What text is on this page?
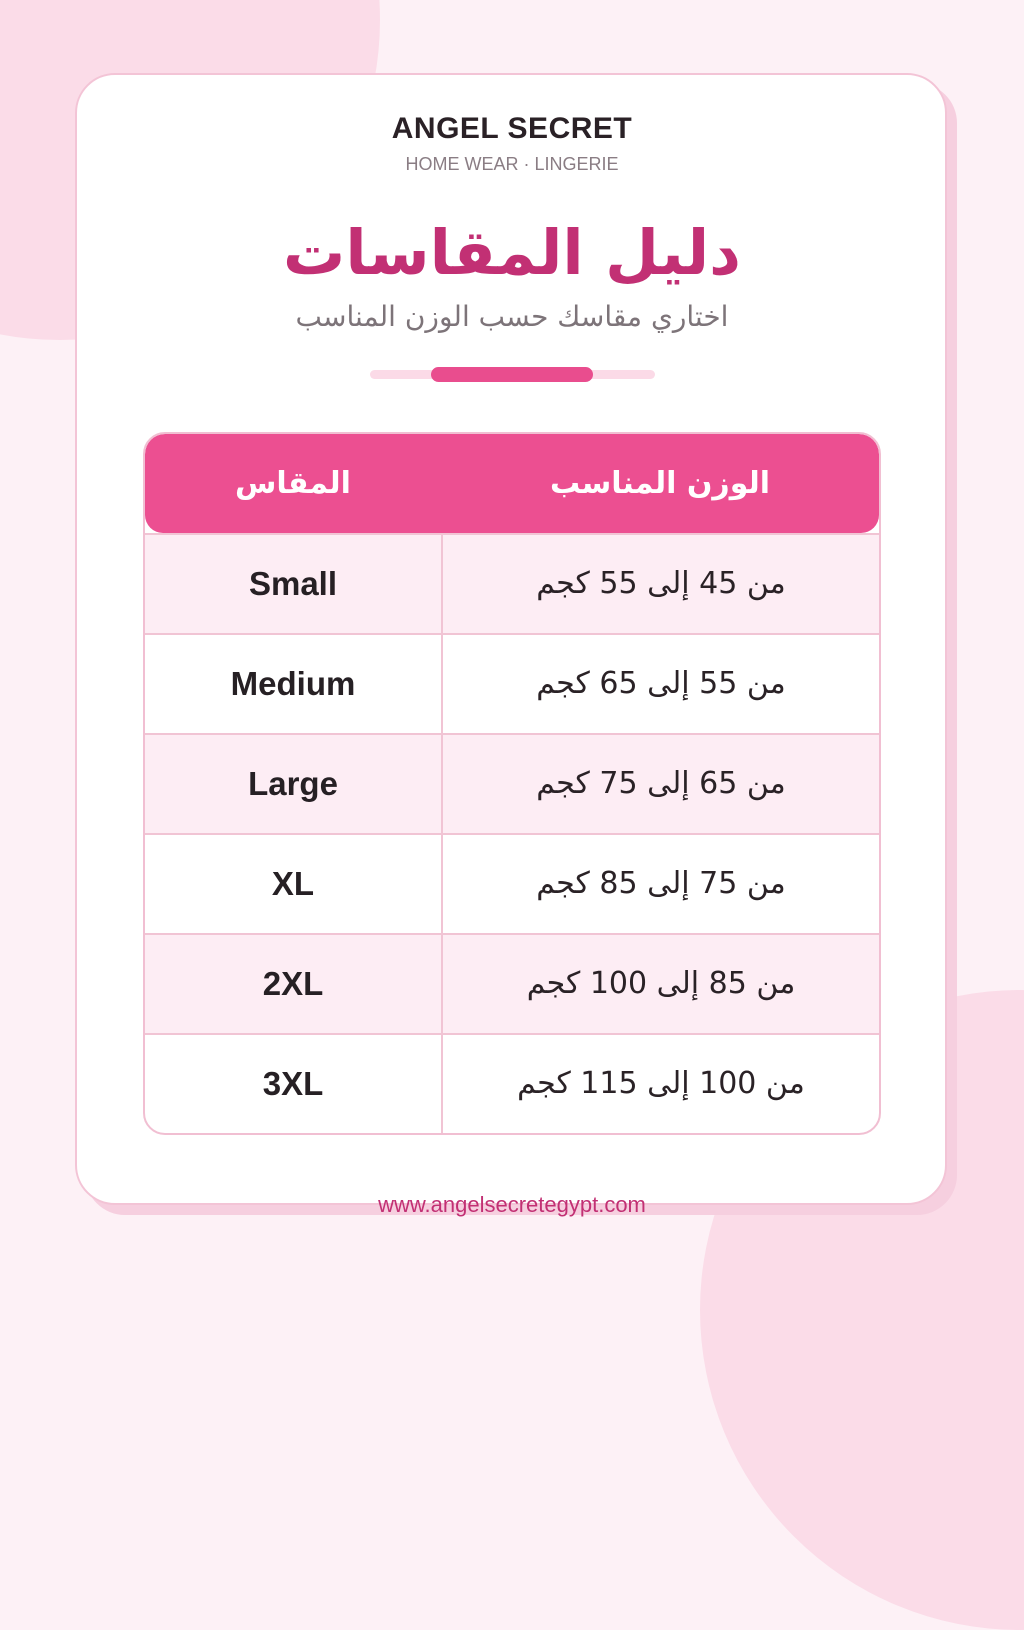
ANGEL SECRET
HOME WEAR · LINGERIE
دليل المقاسات
اختاري مقاسك حسب الوزن المناسب
المقاس	الوزن المناسب
Small	من 45 إلى 55 كجم
Medium	من 55 إلى 65 كجم
Large	من 65 إلى 75 كجم
XL	من 75 إلى 85 كجم
2XL	من 85 إلى 100 كجم
3XL	من 100 إلى 115 كجم
www.angelsecretegypt.com
